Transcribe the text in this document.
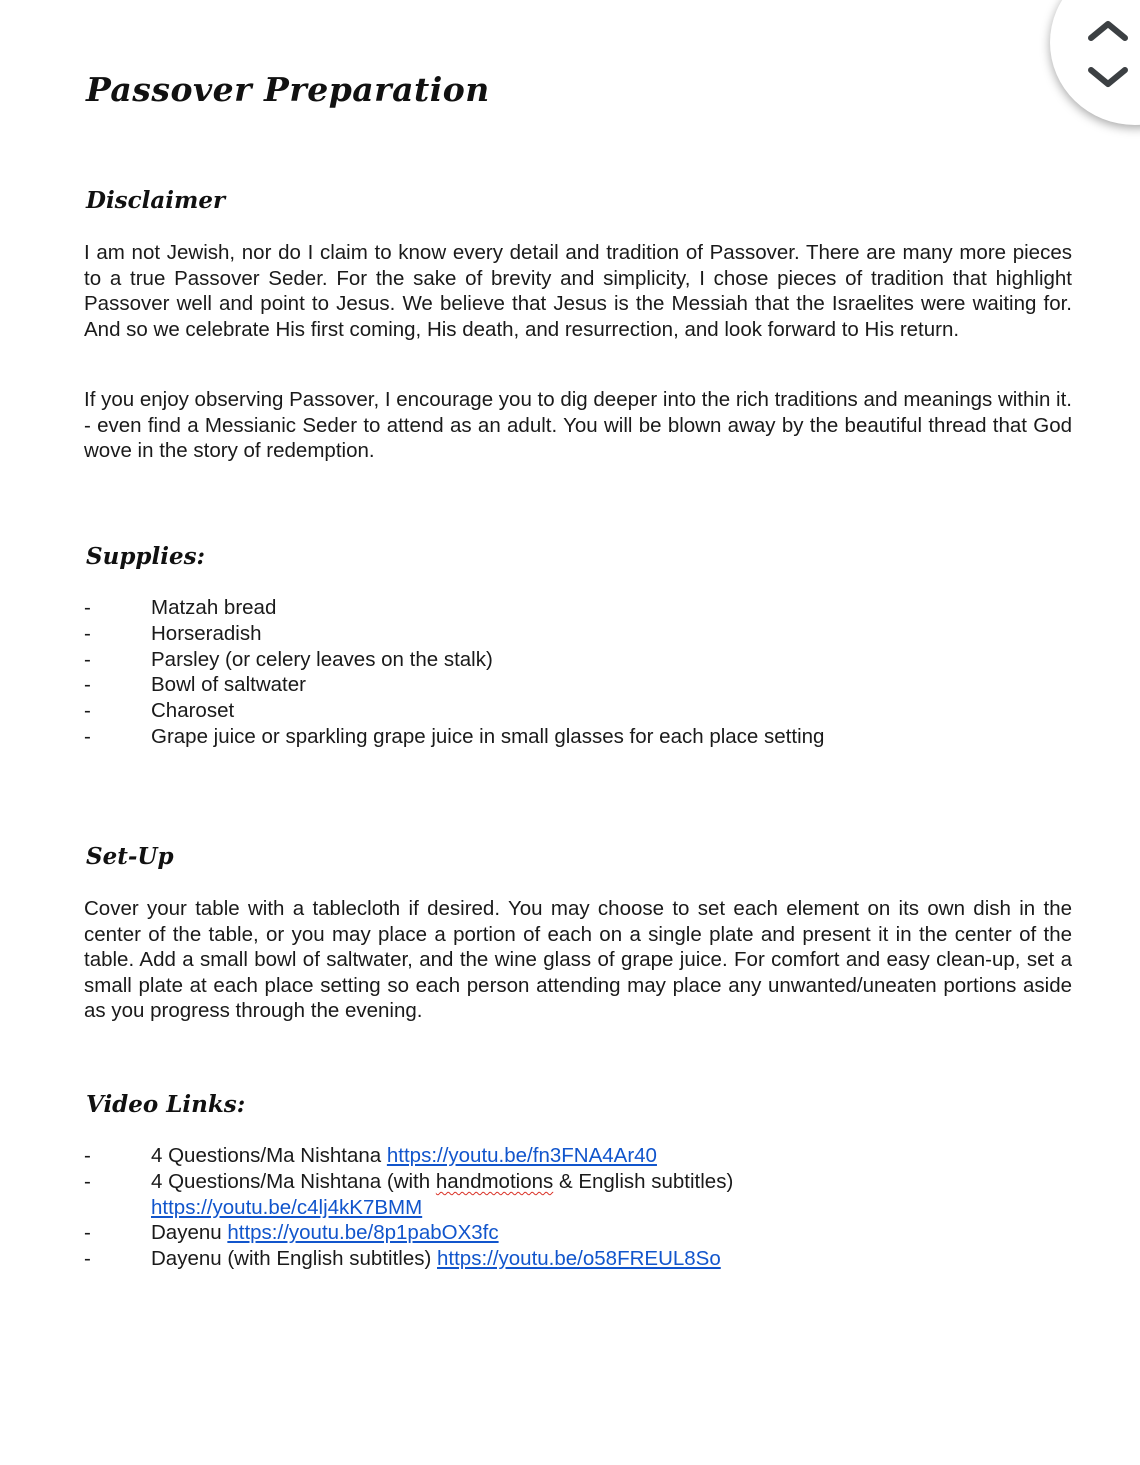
Passover Preparation
Disclaimer

I am not Jewish, nor do I claim to know every detail and tradition of Passover. There are many more pieces to a true Passover Seder. For the sake of brevity and simplicity, I chose pieces of tradition that highlight Passover well and point to Jesus. We believe that Jesus is the Messiah that the Israelites were waiting for. And so we celebrate His first coming, His death, and resurrection, and look forward to His return.

If you enjoy observing Passover, I encourage you to dig deeper into the rich traditions and meanings within it. - even find a Messianic Seder to attend as an adult. You will be blown away by the beautiful thread that God wove in the story of redemption.

Supplies:
-	Matzah bread
-	Horseradish
-	Parsley (or celery leaves on the stalk)
-	Bowl of saltwater
-	Charoset
-	Grape juice or sparkling grape juice in small glasses for each place setting
Set-Up

Cover your table with a tablecloth if desired. You may choose to set each element on its own dish in the center of the table, or you may place a portion of each on a single plate and present it in the center of the table. Add a small bowl of saltwater, and the wine glass of grape juice. For comfort and easy clean-up, set a small plate at each place setting so each person attending may place any unwanted/uneaten portions aside as you progress through the evening.

Video Links:
-	4 Questions/Ma Nishtana https://youtu.be/fn3FNA4Ar40
-	4 Questions/Ma Nishtana (with handmotions & English subtitles) https://youtu.be/c4lj4kK7BMM
-	Dayenu https://youtu.be/8p1pabOX3fc
-	Dayenu (with English subtitles) https://youtu.be/o58FREUL8So
